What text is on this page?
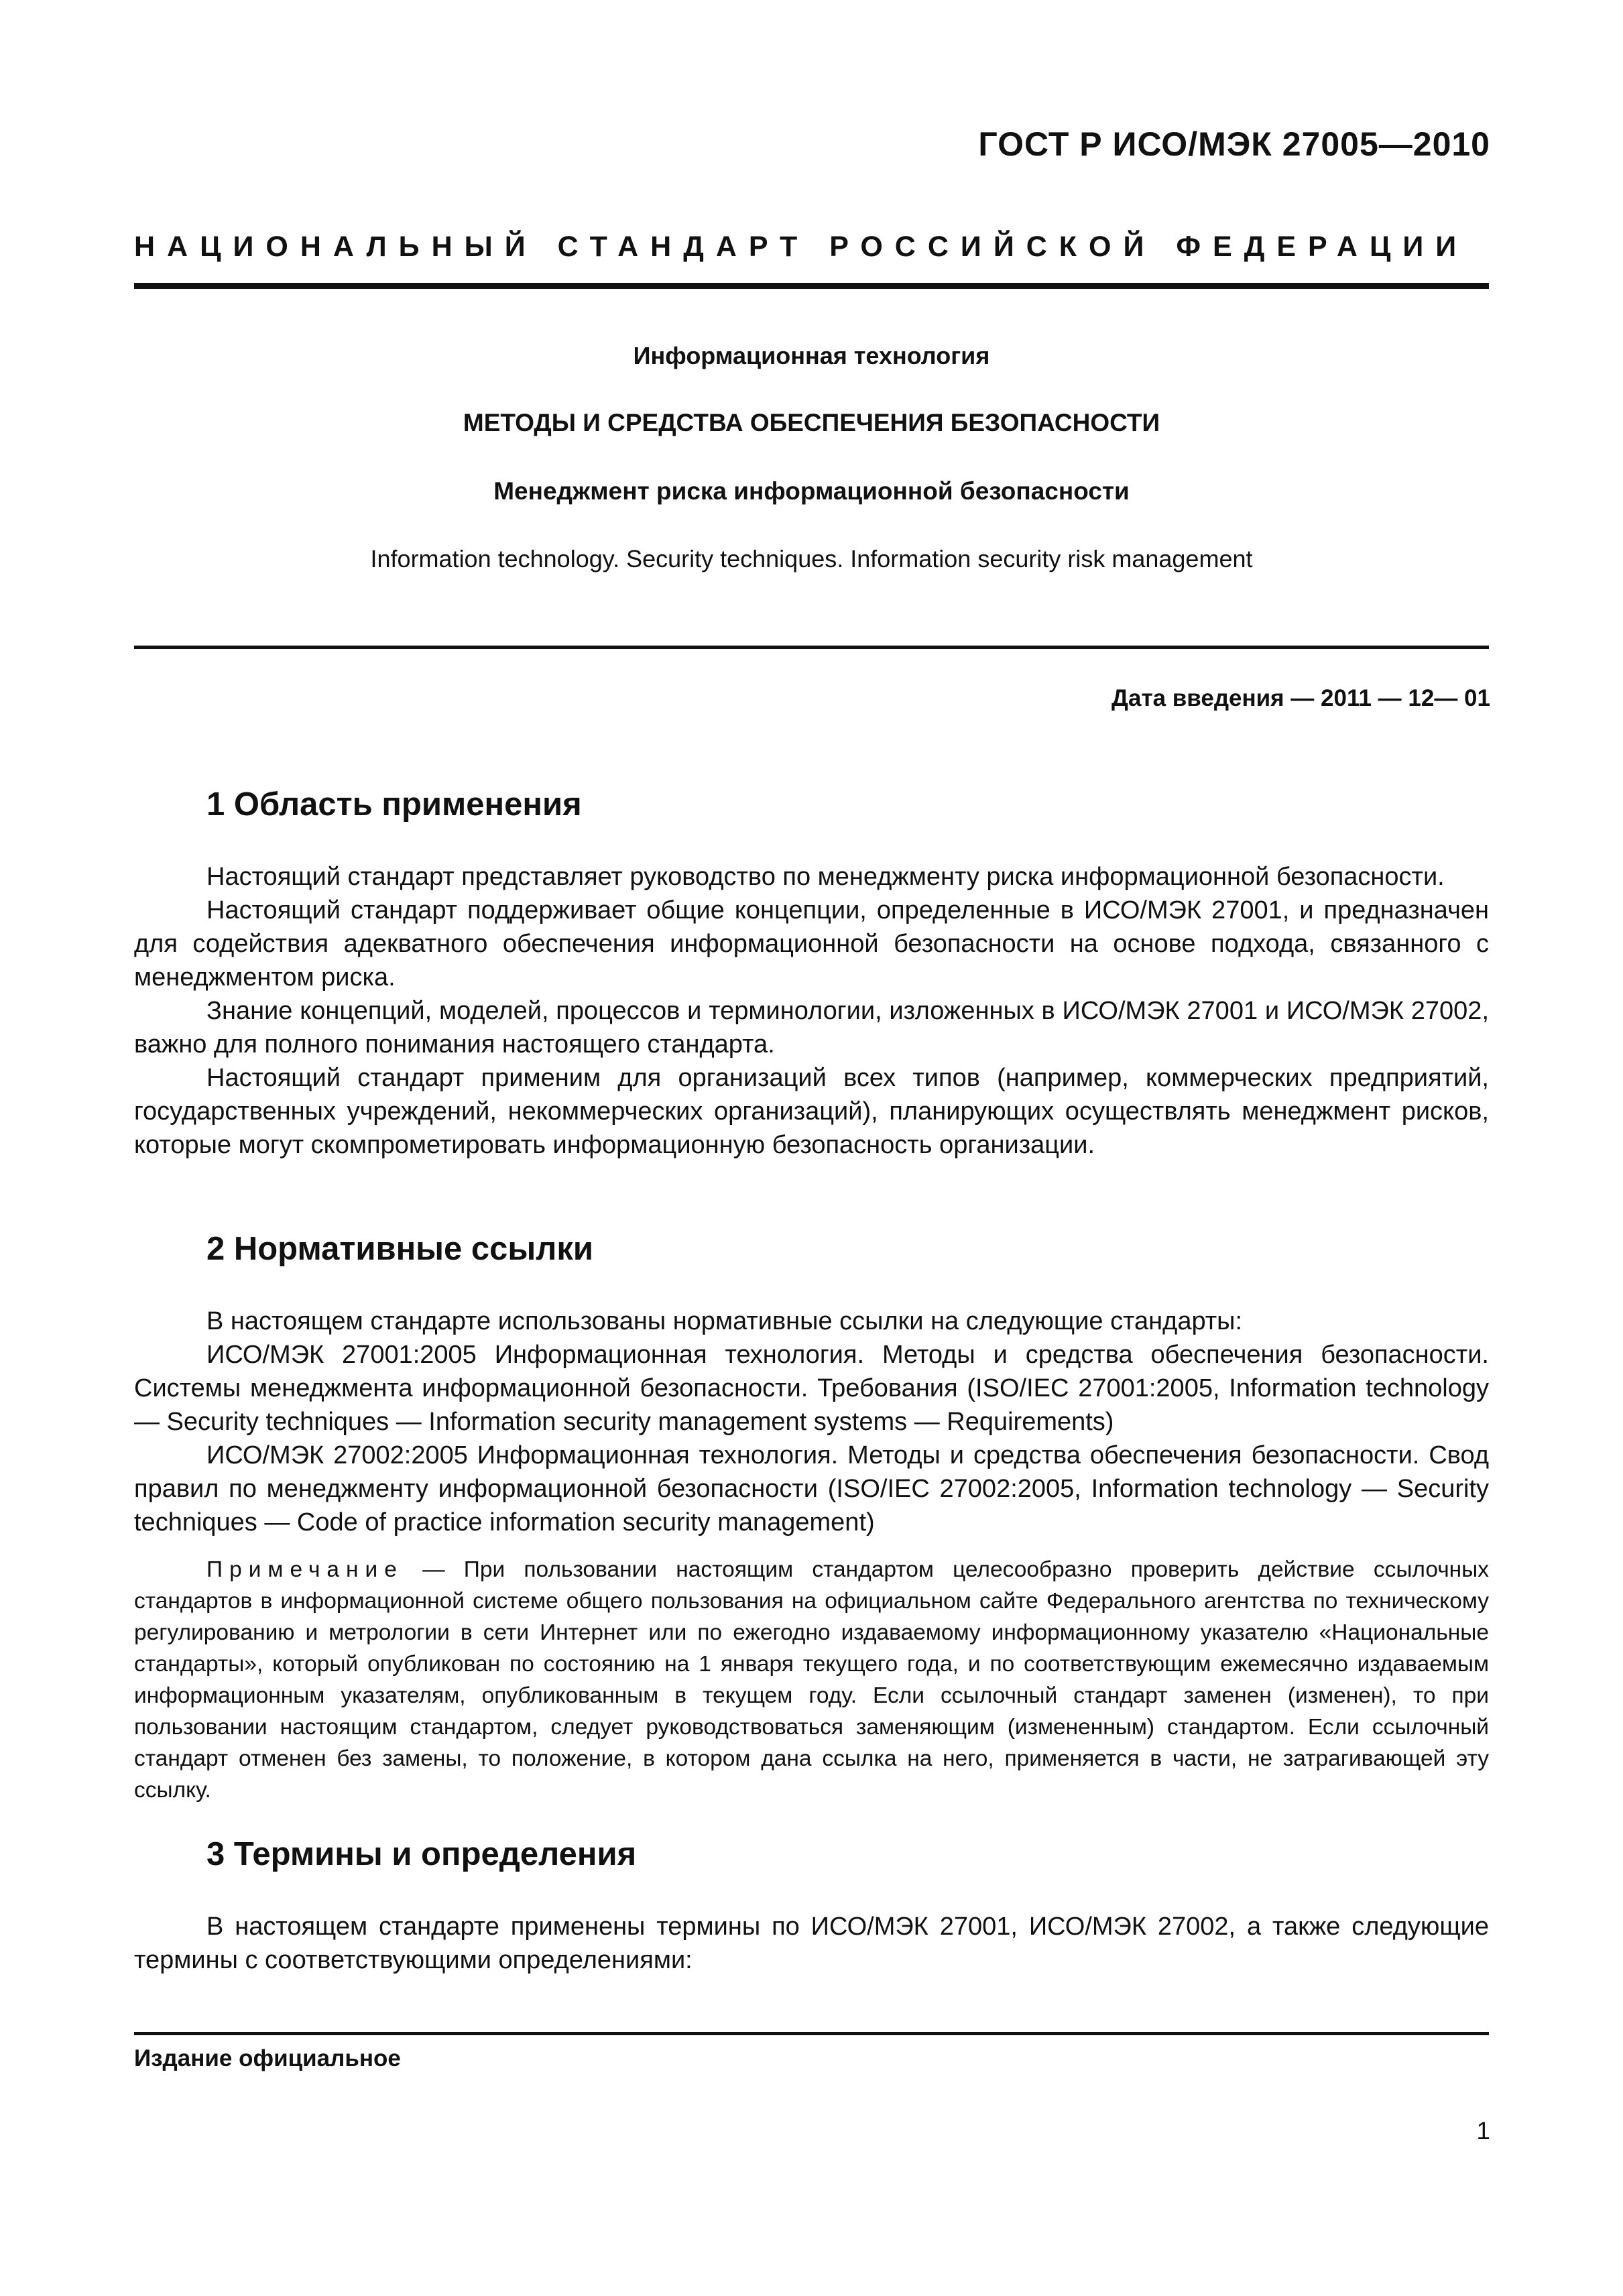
ГОСТ Р ИСО/МЭК 27005—2010
НАЦИОНАЛЬНЫЙ СТАНДАРТ РОССИЙСКОЙ ФЕДЕРАЦИИ
Информационная технология
МЕТОДЫ И СРЕДСТВА ОБЕСПЕЧЕНИЯ БЕЗОПАСНОСТИ
Менеджмент риска информационной безопасности
Information technology. Security techniques. Information security risk management
Дата введения — 2011 — 12— 01
1 Область применения

Настоящий стандарт представляет руководство по менеджменту риска информационной безопасности.

Настоящий стандарт поддерживает общие концепции, определенные в ИСО/МЭК 27001, и предназначен для содействия адекватного обеспечения информационной безопасности на основе подхода, связанного с менеджментом риска.

Знание концепций, моделей, процессов и терминологии, изложенных в ИСО/МЭК 27001 и ИСО/МЭК 27002, важно для полного понимания настоящего стандарта.

Настоящий стандарт применим для организаций всех типов (например, коммерческих предприятий, государственных учреждений, некоммерческих организаций), планирующих осуществлять менеджмент рисков, которые могут скомпрометировать информационную безопасность организации.

2 Нормативные ссылки

В настоящем стандарте использованы нормативные ссылки на следующие стандарты:

ИСО/МЭК 27001:2005 Информационная технология. Методы и средства обеспечения безопасности. Системы менеджмента информационной безопасности. Требования (ISO/IEC 27001:2005, Information technology — Security techniques — Information security management systems — Requirements)

ИСО/МЭК 27002:2005 Информационная технология. Методы и средства обеспечения безопасности. Свод правил по менеджменту информационной безопасности (ISO/IEC 27002:2005, Information technology — Security techniques — Code of practice information security management)

Примечание — При пользовании настоящим стандартом целесообразно проверить действие ссылочных стандартов в информационной системе общего пользования на официальном сайте Федерального агентства по техническому регулированию и метрологии в сети Интернет или по ежегодно издаваемому информационному указателю «Национальные стандарты», который опубликован по состоянию на 1 января текущего года, и по соответствующим ежемесячно издаваемым информационным указателям, опубликованным в текущем году. Если ссылочный стандарт заменен (изменен), то при пользовании настоящим стандартом, следует руководствоваться заменяющим (измененным) стандартом. Если ссылочный стандарт отменен без замены, то положение, в котором дана ссылка на него, применяется в части, не затрагивающей эту ссылку.

3 Термины и определения

В настоящем стандарте применены термины по ИСО/МЭК 27001, ИСО/МЭК 27002, а также следующие термины с соответствующими определениями:

Издание официальное
1
